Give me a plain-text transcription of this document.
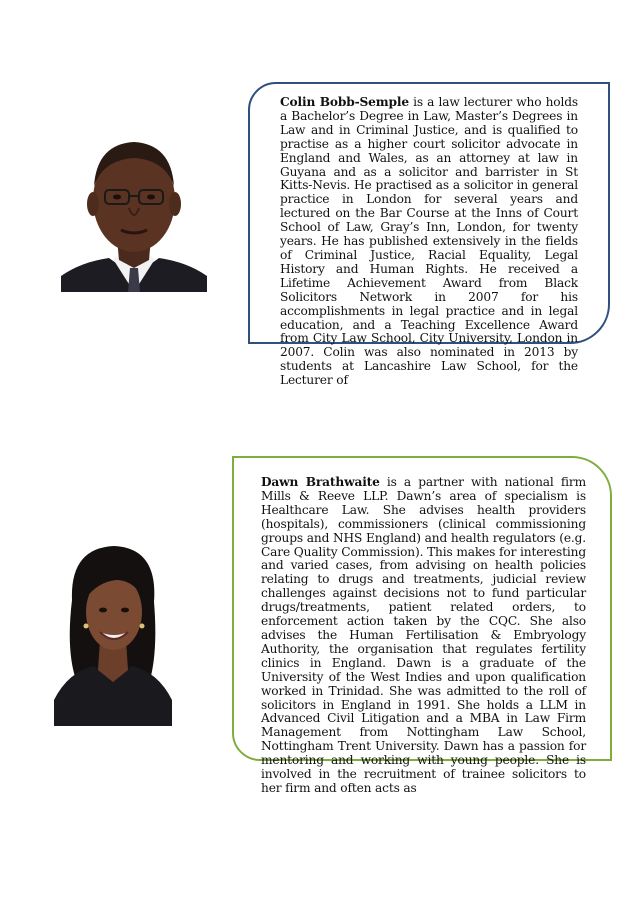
Colin Bobb-Semple is a law lecturer who holds a Bachelor’s Degree in Law, Master’s Degrees in Law and in Criminal Justice, and is qualified to practise as a higher court solicitor advocate in England and Wales, as an attorney at law in Guyana and as a solicitor and barrister in St Kitts-Nevis. He practised as a solicitor in general practice in London for several years and lectured on the Bar Course at the Inns of Court School of Law, Gray’s Inn, London, for twenty years. He has published extensively in the fields of Criminal Justice, Racial Equality, Legal History and Human Rights. He received a Lifetime Achievement Award from Black Solicitors Network in 2007 for his accomplishments in legal practice and in legal education, and a Teaching Excellence Award from City Law School, City University, London in 2007. Colin was also nominated in 2013 by students at Lancashire Law School, for the Lecturer of

Dawn Brathwaite is a partner with national firm Mills & Reeve LLP. Dawn’s area of specialism is Healthcare Law. She advises health providers (hospitals), commissioners (clinical commissioning groups and NHS England) and health regulators (e.g. Care Quality Commission). This makes for interesting and varied cases, from advising on health policies relating to drugs and treatments, judicial review challenges against decisions not to fund particular drugs/treatments, patient related orders, to enforcement action taken by the CQC. She also advises the Human Fertilisation & Embryology Authority, the organisation that regulates fertility clinics in England. Dawn is a graduate of the University of the West Indies and upon qualification worked in Trinidad. She was admitted to the roll of solicitors in England in 1991. She holds a LLM in Advanced Civil Litigation and a MBA in Law Firm Management from Nottingham Law School, Nottingham Trent University. Dawn has a passion for mentoring and working with young people. She is involved in the recruitment of trainee solicitors to her firm and often acts as
